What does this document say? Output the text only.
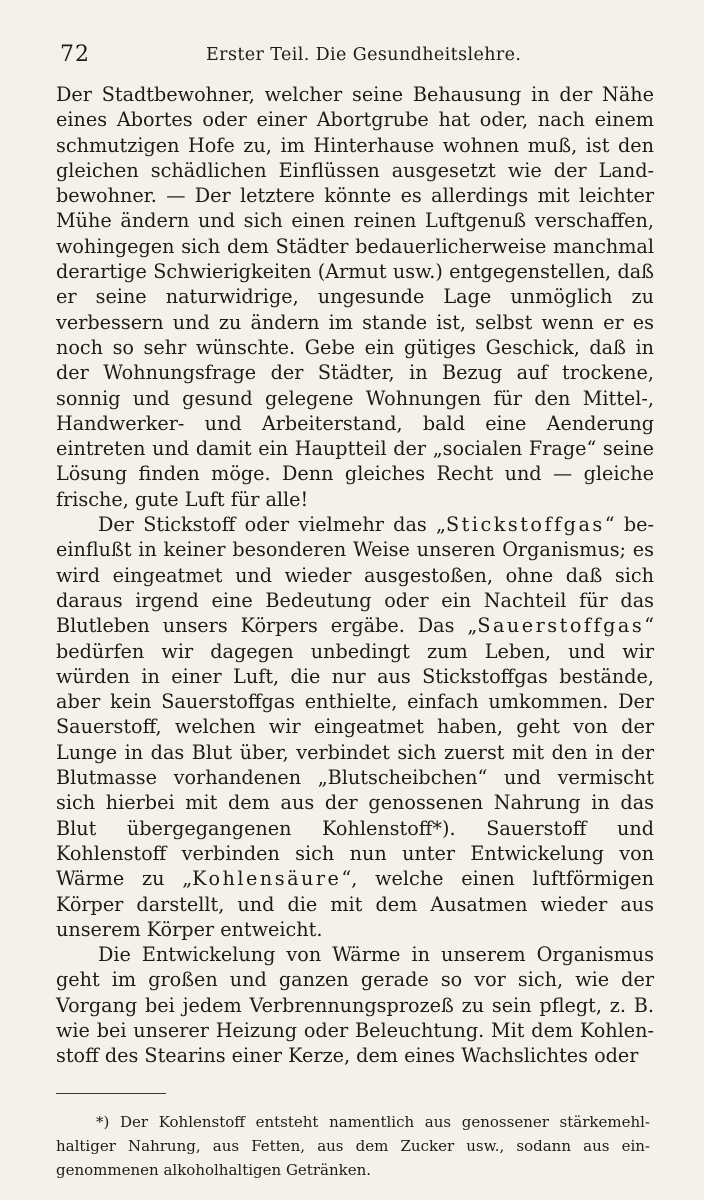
72	Erster Teil. Die Gesundheitslehre.

Der Stadtbewohner, welcher seine Behausung in der Nähe eines Abortes oder einer Abortgrube hat oder, nach einem schmutzigen Hofe zu, im Hinterhause wohnen muß, ist den gleichen schädlichen Einflüssen ausgesetzt wie der Landbewohner. — Der letztere könnte es allerdings mit leichter Mühe ändern und sich einen reinen Luftgenuß verschaffen, wohingegen sich dem Städter bedauerlicherweise manchmal derartige Schwierigkeiten (Armut usw.) entgegenstellen, daß er seine naturwidrige, ungesunde Lage unmöglich zu verbessern und zu ändern im stande ist, selbst wenn er es noch so sehr wünschte. Gebe ein gütiges Geschick, daß in der Wohnungsfrage der Städter, in Bezug auf trockene, sonnig und gesund gelegene Wohnungen für den Mittel-, Handwerker- und Arbeiterstand, bald eine Aenderung eintreten und damit ein Hauptteil der „socialen Frage“ seine Lösung finden möge. Denn gleiches Recht und — gleiche frische, gute Luft für alle!

Der Stickstoff oder vielmehr das „Stickstoffgas“ beeinflußt in keiner besonderen Weise unseren Organismus; es wird eingeatmet und wieder ausgestoßen, ohne daß sich daraus irgend eine Bedeutung oder ein Nachteil für das Blutleben unsers Körpers ergäbe. Das „Sauerstoffgas“ bedürfen wir dagegen unbedingt zum Leben, und wir würden in einer Luft, die nur aus Stickstoffgas bestände, aber kein Sauerstoffgas enthielte, einfach umkommen. Der Sauerstoff, welchen wir eingeatmet haben, geht von der Lunge in das Blut über, verbindet sich zuerst mit den in der Blutmasse vorhandenen „Blutscheibchen“ und vermischt sich hierbei mit dem aus der genossenen Nahrung in das Blut übergegangenen Kohlenstoff*). Sauerstoff und Kohlenstoff verbinden sich nun unter Entwickelung von Wärme zu „Kohlensäure“, welche einen luftförmigen Körper darstellt, und die mit dem Ausatmen wieder aus unserem Körper entweicht.

Die Entwickelung von Wärme in unserem Organismus geht im großen und ganzen gerade so vor sich, wie der Vorgang bei jedem Verbrennungsprozeß zu sein pflegt, z. B. wie bei unserer Heizung oder Beleuchtung. Mit dem Kohlenstoff des Stearins einer Kerze, dem eines Wachslichtes oder

*) Der Kohlenstoff entsteht namentlich aus genossener stärkemehlhaltiger Nahrung, aus Fetten, aus dem Zucker usw., sodann aus eingenommenen alkoholhaltigen Getränken.
